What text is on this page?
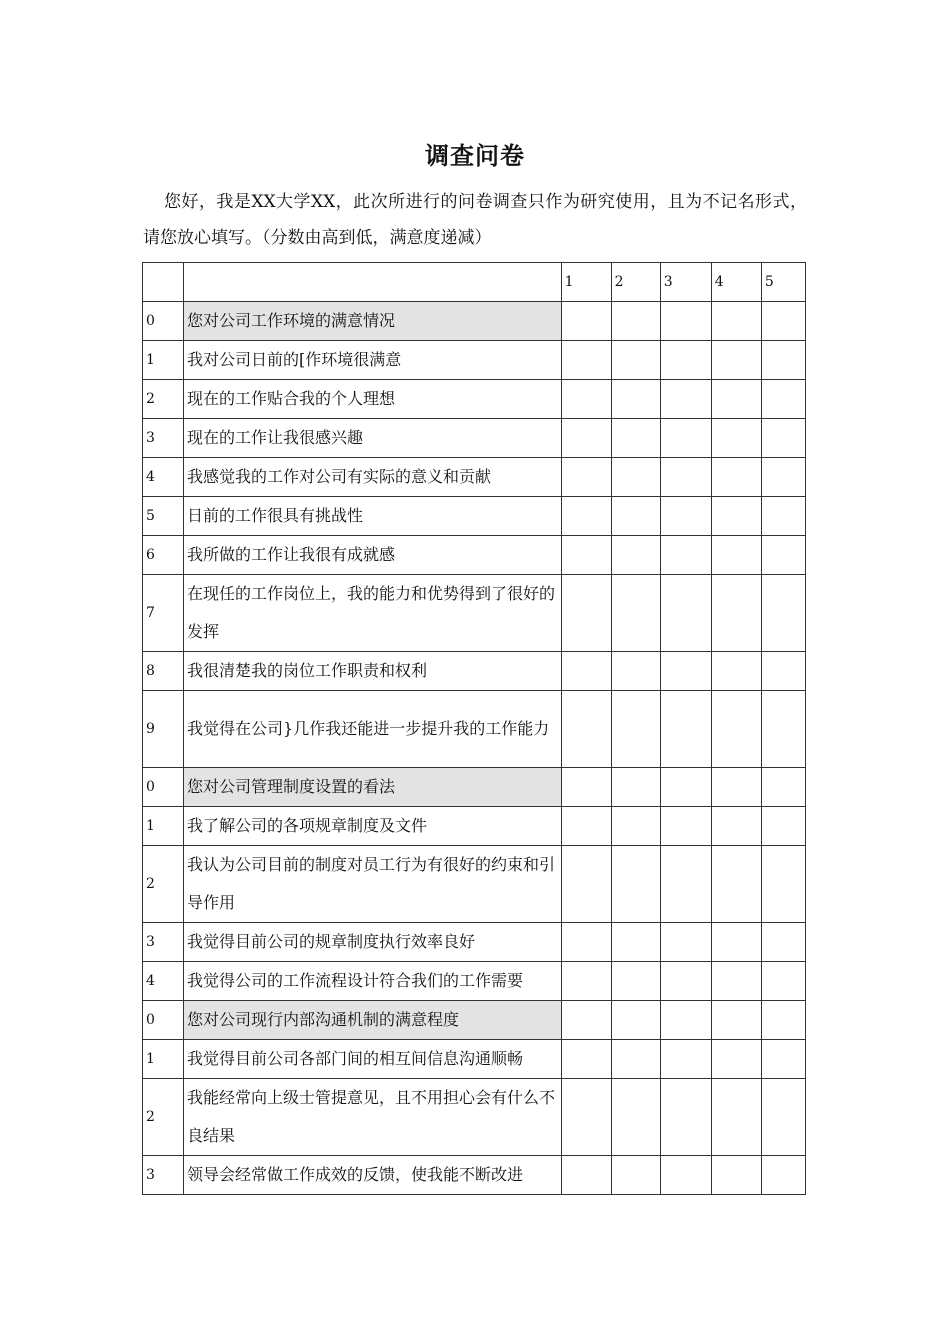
调查问卷
您好，我是XX大学XX，此次所进行的问卷调查只作为研究使用，且为不记名形式，请您放心填写。（分数由高到低，满意度递减）
		1	2	3	4	5
0	您对公司工作环境的满意情况					
1	我对公司日前的[作环境很满意					
2	现在的工作贴合我的个人理想					
3	现在的工作让我很感兴趣					
4	我感觉我的工作对公司有实际的意义和贡献					
5	日前的工作很具有挑战性					
6	我所做的工作让我很有成就感					
7	在现任的工作岗位上，我的能力和优势得到了很好的发挥					
8	我很清楚我的岗位工作职责和权利					
9	我觉得在公司}几作我还能进一步提升我的工作能力					
0	您对公司管理制度设置的看法					
1	我了解公司的各项规章制度及文件					
2	我认为公司目前的制度对员工行为有很好的约束和引导作用					
3	我觉得目前公司的规章制度执行效率良好					
4	我觉得公司的工作流程设计符合我们的工作需要					
0	您对公司现行内部沟通机制的满意程度					
1	我觉得目前公司各部门间的相互间信息沟通顺畅					
2	我能经常向上级士管提意见，且不用担心会有什么不良结果					
3	领导会经常做工作成效的反馈，使我能不断改进					
